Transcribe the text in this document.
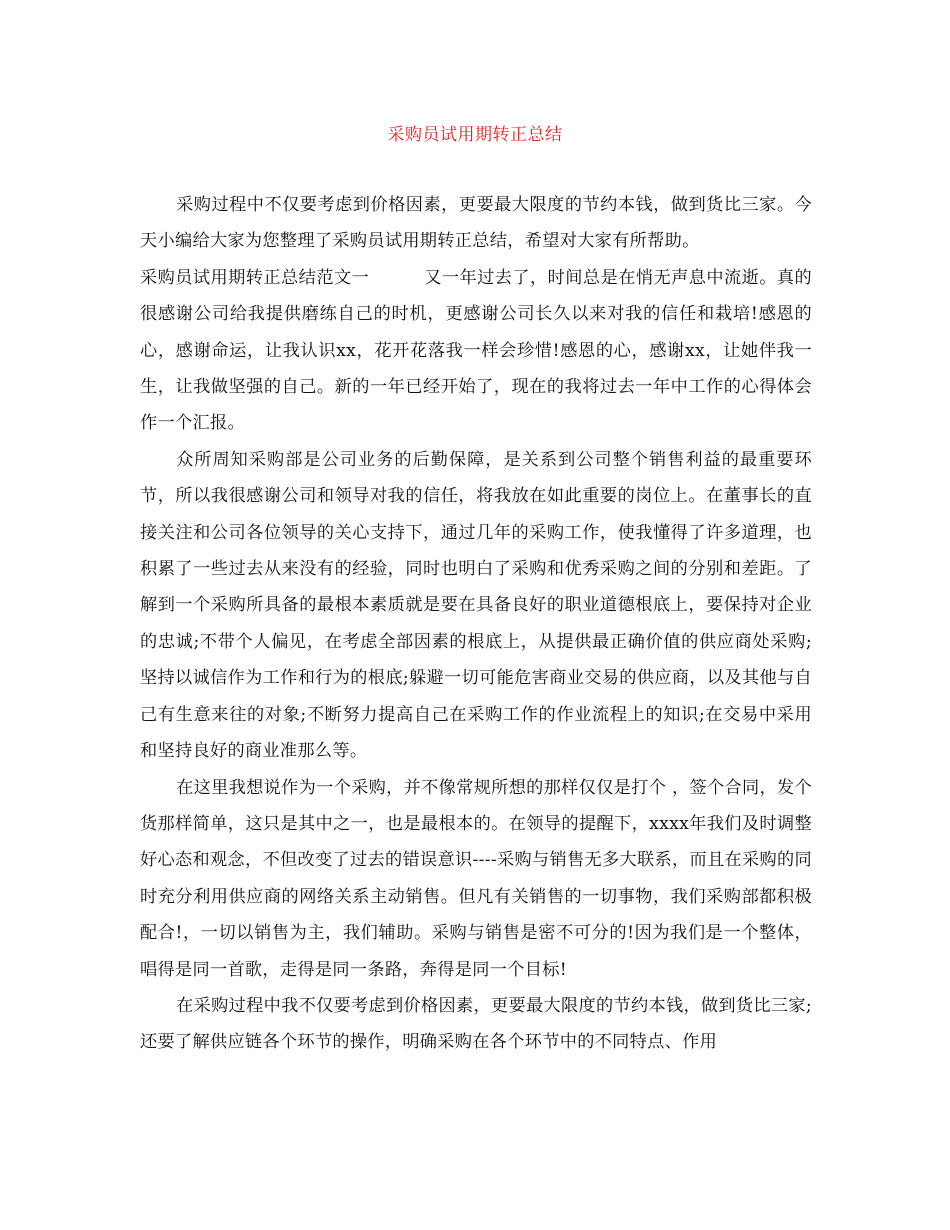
采购员试用期转正总结

采购过程中不仅要考虑到价格因素，更要最大限度的节约本钱，做到货比三家。今天小编给大家为您整理了采购员试用期转正总结，希望对大家有所帮助。

采购员试用期转正总结范文一	又一年过去了，时间总是在悄无声息中流逝。真的很感谢公司给我提供磨练自己的时机，更感谢公司长久以来对我的信任和栽培!感恩的心，感谢命运，让我认识xx，花开花落我一样会珍惜!感恩的心，感谢xx，让她伴我一生，让我做坚强的自己。新的一年已经开始了，现在的我将过去一年中工作的心得体会作一个汇报。

众所周知采购部是公司业务的后勤保障，是关系到公司整个销售利益的最重要环节，所以我很感谢公司和领导对我的信任，将我放在如此重要的岗位上。在董事长的直接关注和公司各位领导的关心支持下，通过几年的采购工作，使我懂得了许多道理，也积累了一些过去从来没有的经验，同时也明白了采购和优秀采购之间的分别和差距。了解到一个采购所具备的最根本素质就是要在具备良好的职业道德根底上，要保持对企业的忠诚;不带个人偏见，在考虑全部因素的根底上，从提供最正确价值的供应商处采购;坚持以诚信作为工作和行为的根底;躲避一切可能危害商业交易的供应商，以及其他与自己有生意来往的对象;不断努力提高自己在采购工作的作业流程上的知识;在交易中采用和坚持良好的商业准那么等。

在这里我想说作为一个采购，并不像常规所想的那样仅仅是打个 ，签个合同，发个货那样简单，这只是其中之一，也是最根本的。在领导的提醒下，xxxx年我们及时调整好心态和观念，不但改变了过去的错误意识----采购与销售无多大联系，而且在采购的同时充分利用供应商的网络关系主动销售。但凡有关销售的一切事物，我们采购部都积极配合!，一切以销售为主，我们辅助。采购与销售是密不可分的!因为我们是一个整体，唱得是同一首歌，走得是同一条路，奔得是同一个目标!

在采购过程中我不仅要考虑到价格因素，更要最大限度的节约本钱，做到货比三家;还要了解供应链各个环节的操作，明确采购在各个环节中的不同特点、作用
